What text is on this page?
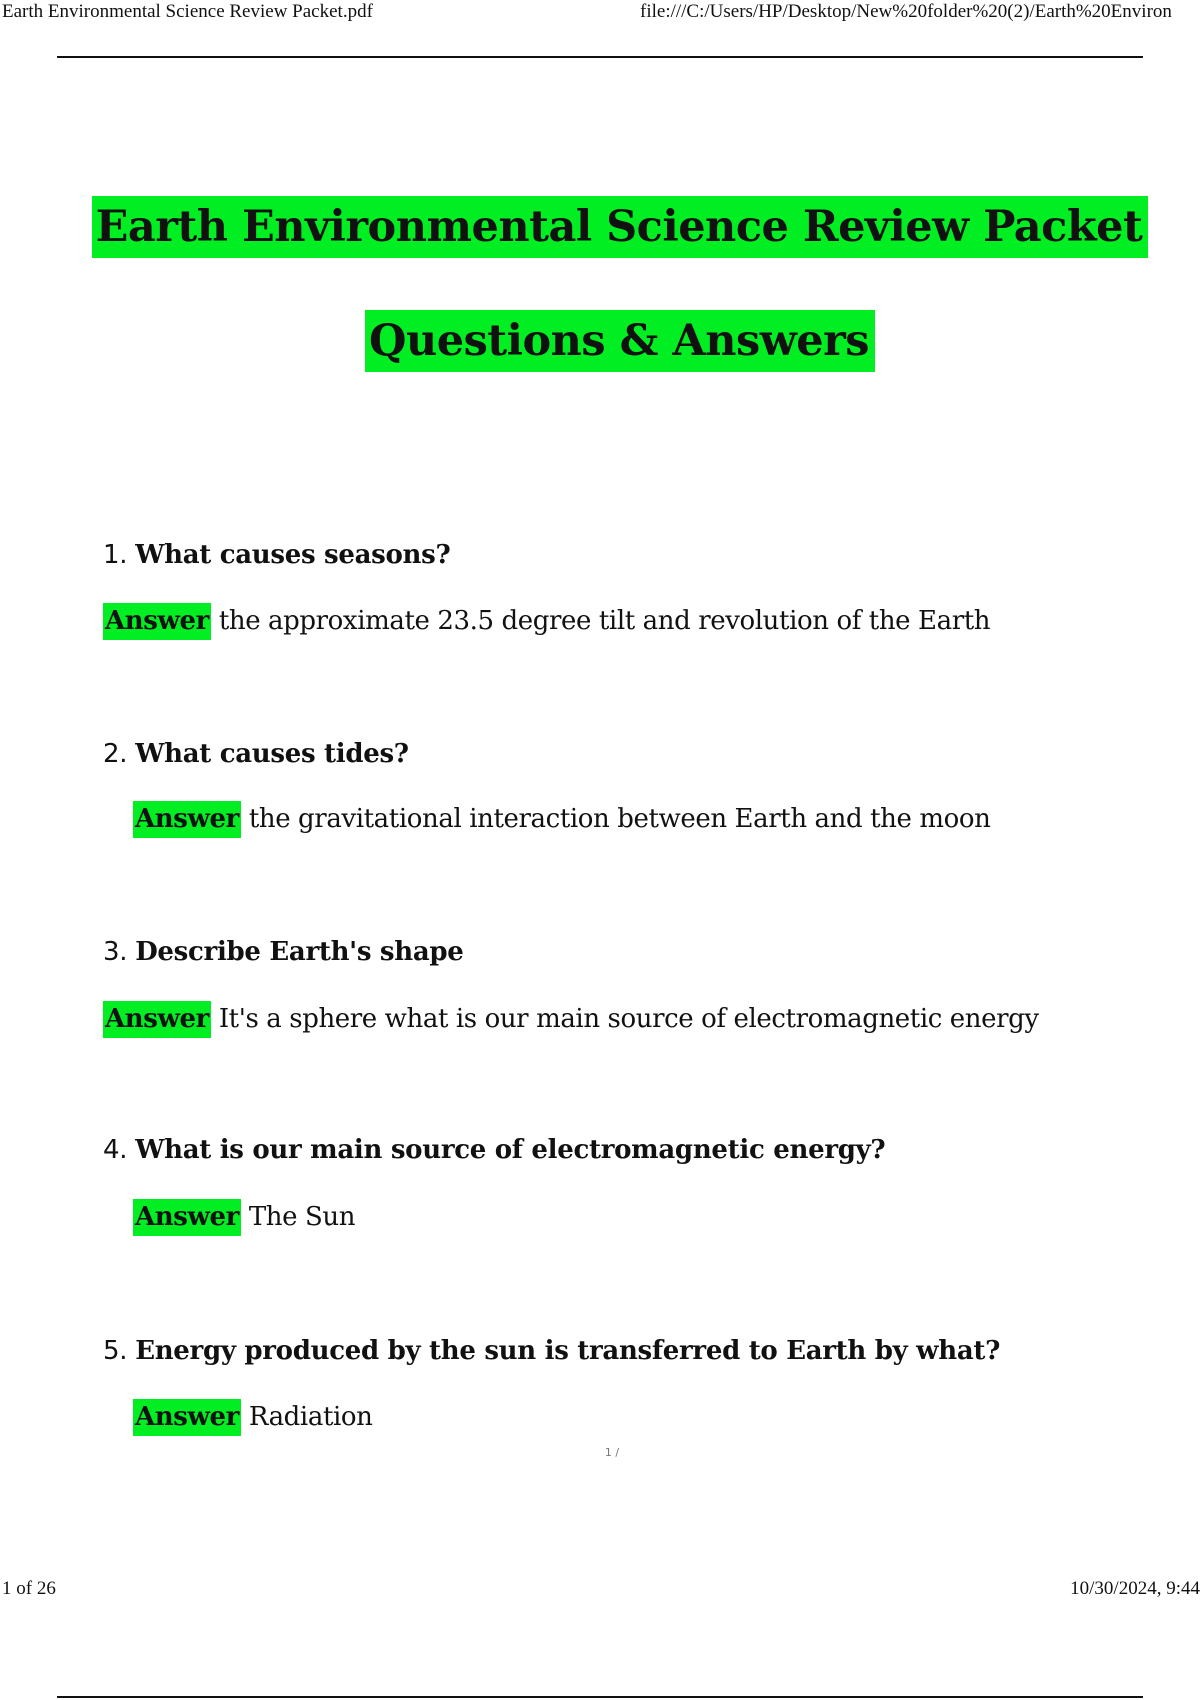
Earth Environmental Science Review Packet.pdf	file:///C:/Users/HP/Desktop/New%20folder%20(2)/Earth%20Environ
Earth Environmental Science Review Packet
Questions & Answers
1. What causes seasons?
Answer the approximate 23.5 degree tilt and revolution of the Earth
2. What causes tides?
Answer the gravitational interaction between Earth and the moon
3. Describe Earth's shape
Answer It's a sphere what is our main source of electromagnetic energy
4. What is our main source of electromagnetic energy?
Answer The Sun
5. Energy produced by the sun is transferred to Earth by what?
Answer Radiation
1 /
1 of 26	10/30/2024, 9:44
